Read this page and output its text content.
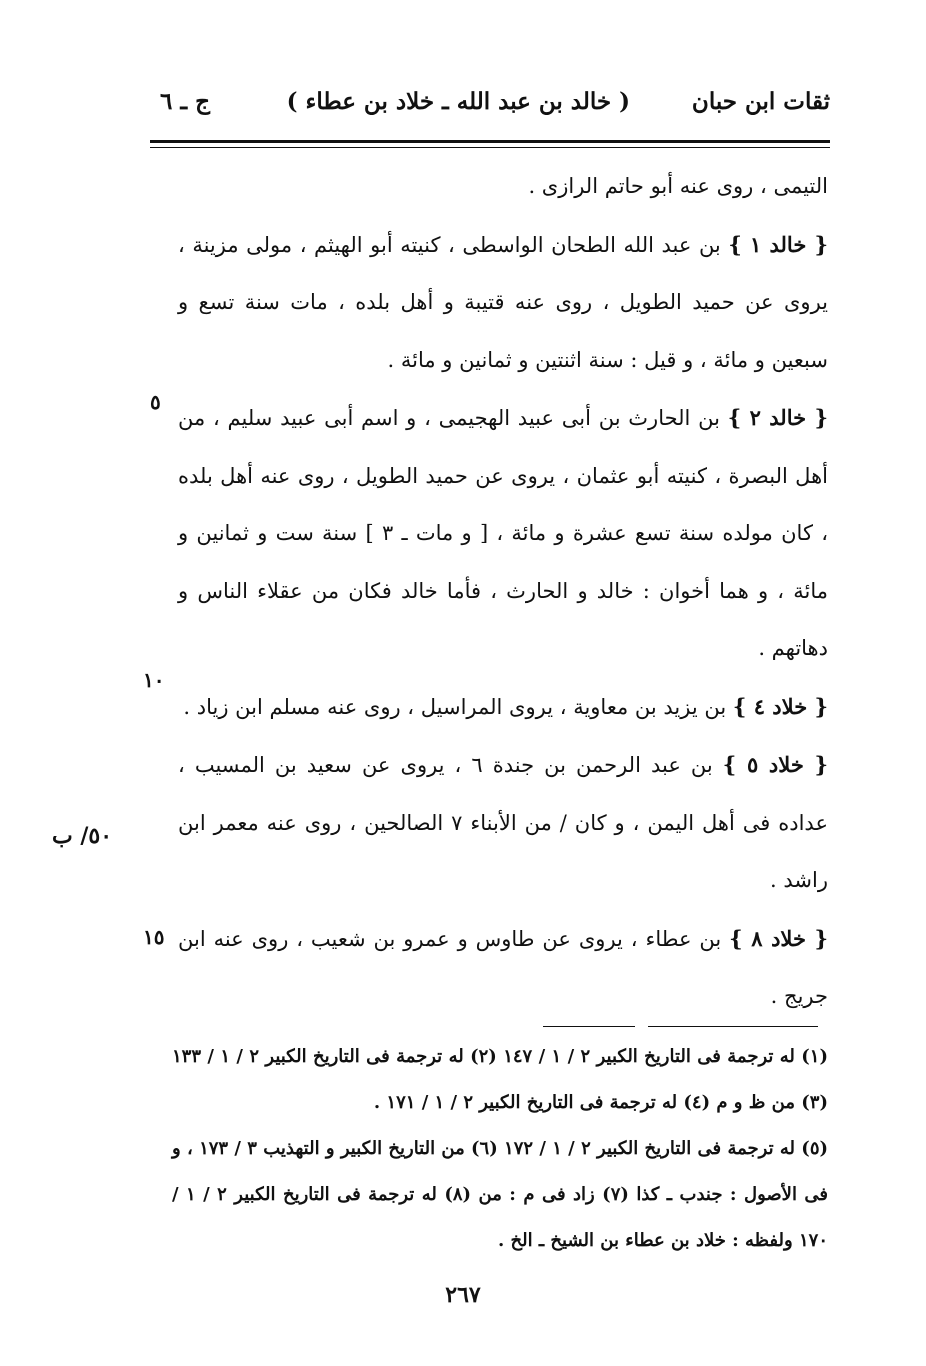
ثقات ابن حبان
( خالد بن عبد الله ـ خلاد بن عطاء )
ج ـ ٦

التيمى ، روى عنه أبو حاتم الرازى .

{ خالد ١ } بن عبد الله الطحان الواسطى ، كنيته أبو الهيثم ، مولى مزينة ، يروى عن حميد الطويل ، روى عنه قتيبة و أهل بلده ، مات سنة تسع و سبعين و مائة ، و قيل : سنة اثنتين و ثمانين و مائة .

{ خالد ٢ } بن الحارث بن أبى عبيد الهجيمى ، و اسم أبى عبيد سليم ، من أهل البصرة ، كنيته أبو عثمان ، يروى عن حميد الطويل ، روى عنه أهل بلده ، كان مولده سنة تسع عشرة و مائة ، [ و مات ـ ٣ ] سنة ست و ثمانين و مائة ، و هما أخوان : خالد و الحارث ، فأما خالد فكان من عقلاء الناس و دهاتهم .

{ خلاد ٤ } بن يزيد بن معاوية ، يروى المراسيل ، روى عنه مسلم ابن زياد .

{ خلاد ٥ } بن عبد الرحمن بن جندة ٦ ، يروى عن سعيد بن المسيب ، عداده فى أهل اليمن ، و كان / من الأبناء ٧ الصالحين ، روى عنه معمر ابن راشد .

{ خلاد ٨ } بن عطاء ، يروى عن طاوس و عمرو بن شعيب ، روى عنه ابن جريج .

٥
١٠
١٥
٥٠/ ب

(١) له ترجمة فى التاريخ الكبير ٢ / ١ / ١٤٧ (٢) له ترجمة فى التاريخ الكبير ٢ / ١ / ١٣٣ (٣) من ظ و م (٤) له ترجمة فى التاريخ الكبير ٢ / ١ / ١٧١ .

(٥) له ترجمة فى التاريخ الكبير ٢ / ١ / ١٧٢ (٦) من التاريخ الكبير و التهذيب ٣ / ١٧٣ ، و فى الأصول : جندب ـ كذا (٧) زاد فى م : من (٨) له ترجمة فى التاريخ الكبير ٢ / ١ / ١٧٠ ولفظه : خلاد بن عطاء بن الشيخ ـ الخ .

٢٦٧
